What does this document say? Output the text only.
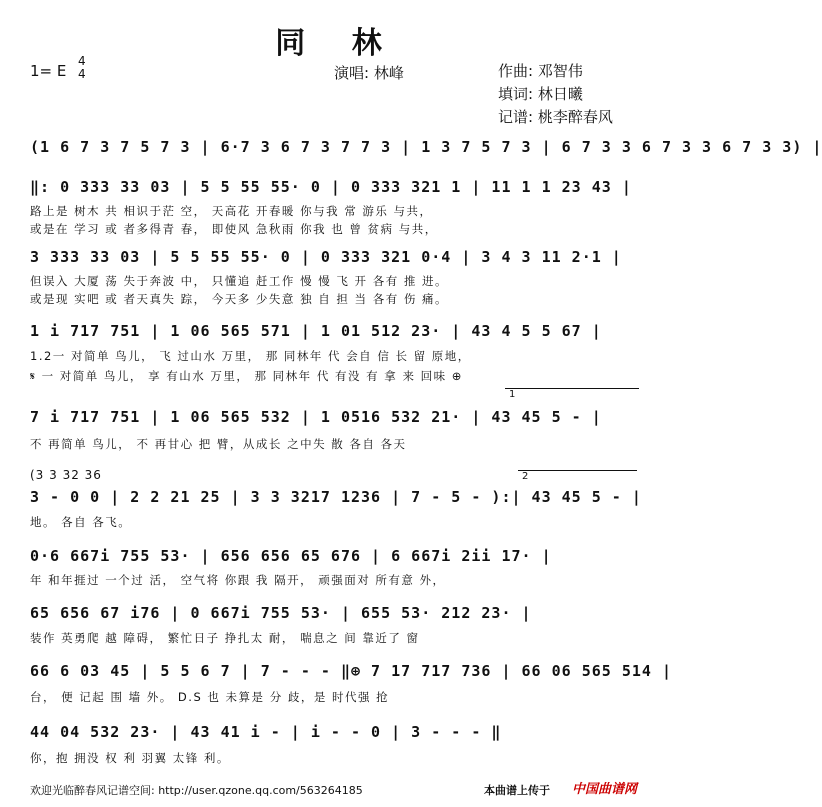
同 林
1= E
4
4	演唱: 林峰	作曲: 邓智伟
填词: 林日曦
记谱: 桃李醉春风
(1 6 7 3 7 5 7 3 | 6·7 3 6 7 3 7 7 3 | 1 3 7 5 7 3 | 6 7 3 3 6 7 3 3 6 7 3 3) |
‖: 0 333 33 03 | 5 5 55 55· 0 | 0 333 321 1 | 11 1 1 23 43 |
路上是 树木 共 相识于茫 空， 天高花 开春暖 你与我 常 游乐 与共，
或是在 学习 或 者多得青 春， 即使风 急秋雨 你我 也 曾 贫病 与共，
3 333 33 03 | 5 5 55 55· 0 | 0 333 321 0·4 | 3 4 3 11 2·1 |
但误入 大厦 荡 失于奔波 中， 只懂追 赶工作 慢 慢 飞 开 各有 推 进。
或是现 实吧 或 者天真失 踪， 今天多 少失意 独 自 担 当 各有 伤 痛。
1 i 717 751 | 1 06 565 571 | 1 01 512 23· | 43 4 5 5 67 |
1.2一 对简单 鸟儿， 飞 过山水 万里， 那 同林年 代 会自 信 长 留 原地，
𝄋 一 对简单 鸟儿， 享 有山水 万里， 那 同林年 代 有没 有 拿 来 回味 ⊕
1
7 i 717 751 | 1 06 565 532 | 1 0516 532 21· | 43 45 5 - |
不 再简单 鸟儿， 不 再甘心 把 臂，从成长 之中失 散 各自 各天
(3 3 32 36	2
3 - 0 0 | 2 2 21 25 | 3 3 3217 1236 | 7 - 5 - ):| 43 45 5 - |
地。 各自 各飞。
0·6 667i 755 53· | 656 656 65 676 | 6 667i 2ii 17· |
年 和年捱过 一个过 活， 空气将 你跟 我 隔开， 顽强面对 所有意 外，
65 656 67 i76 | 0 667i 755 53· | 655 53· 212 23· |
装作 英勇爬 越 障碍， 繁忙日子 挣扎太 耐， 喘息之 间 靠近了 窗
66 6 03 45 | 5 5 6 7 | 7 - - - ‖⊕ 7 17 717 736 | 66 06 565 514 |
台， 便 记起 围 墙 外。 D.S 也 未算是 分 歧，是 时代强 抢
44 04 532 23· | 43 41 i - | i - - 0 | 3 - - - ‖
你，抱 拥没 权 利 羽翼 太锋 利。
欢迎光临醉春风记谱空间: http://user.qzone.qq.com/563264185	本曲谱上传于 中国曲谱网
